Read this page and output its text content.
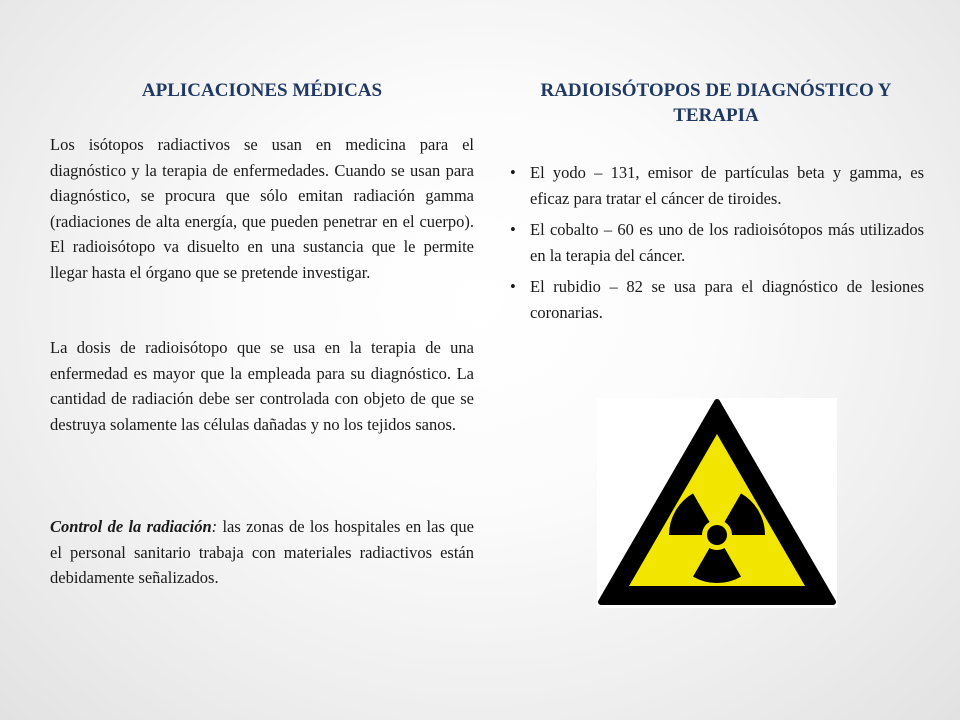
APLICACIONES MÉDICAS

Los isótopos radiactivos se usan en medicina para el diagnóstico y la terapia de enfermedades. Cuando se usan para diagnóstico, se procura que sólo emitan radiación gamma (radiaciones de alta energía, que pueden penetrar en el cuerpo). El radioisótopo va disuelto en una sustancia que le permite llegar hasta el órgano que se pretende investigar.

La dosis de radioisótopo que se usa en la terapia de una enfermedad es mayor que la empleada para su diagnóstico. La cantidad de radiación debe ser controlada con objeto de que se destruya solamente las células dañadas y no los tejidos sanos.

Control de la radiación: las zonas de los hospitales en las que el personal sanitario trabaja con materiales radiactivos están debidamente señalizados.

RADIOISÓTOPOS DE DIAGNÓSTICO Y TERAPIA
• El yodo – 131, emisor de partículas beta y gamma, es eficaz para tratar el cáncer de tiroides.
• El cobalto – 60 es uno de los radioisótopos más utilizados en la terapia del cáncer.
• El rubidio – 82 se usa para el diagnóstico de lesiones coronarias.
